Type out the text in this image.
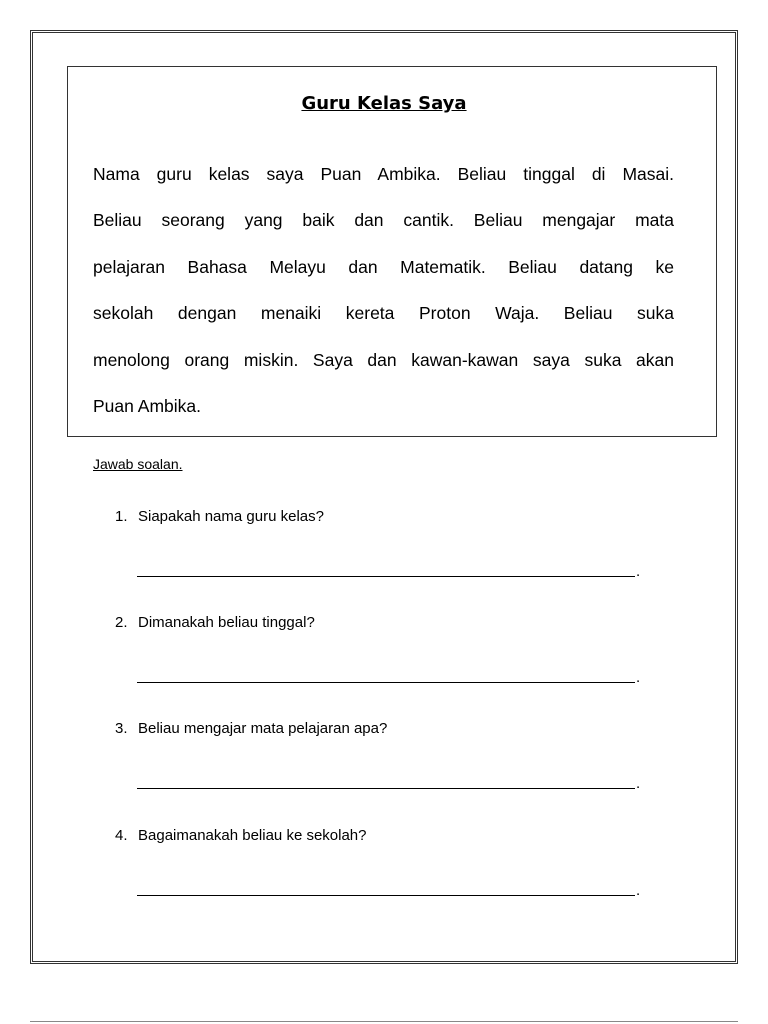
Guru Kelas Saya
Nama guru kelas saya Puan Ambika. Beliau tinggal di Masai.
Beliau seorang yang baik dan cantik. Beliau mengajar mata
pelajaran Bahasa Melayu dan Matematik. Beliau datang ke
sekolah dengan menaiki kereta Proton Waja. Beliau suka
menolong orang miskin. Saya dan kawan-kawan saya suka akan
Puan Ambika.
Jawab soalan.
1. Siapakah nama guru kelas?
.
2. Dimanakah beliau tinggal?
.
3. Beliau mengajar mata pelajaran apa?
.
4. Bagaimanakah beliau ke sekolah?
.
